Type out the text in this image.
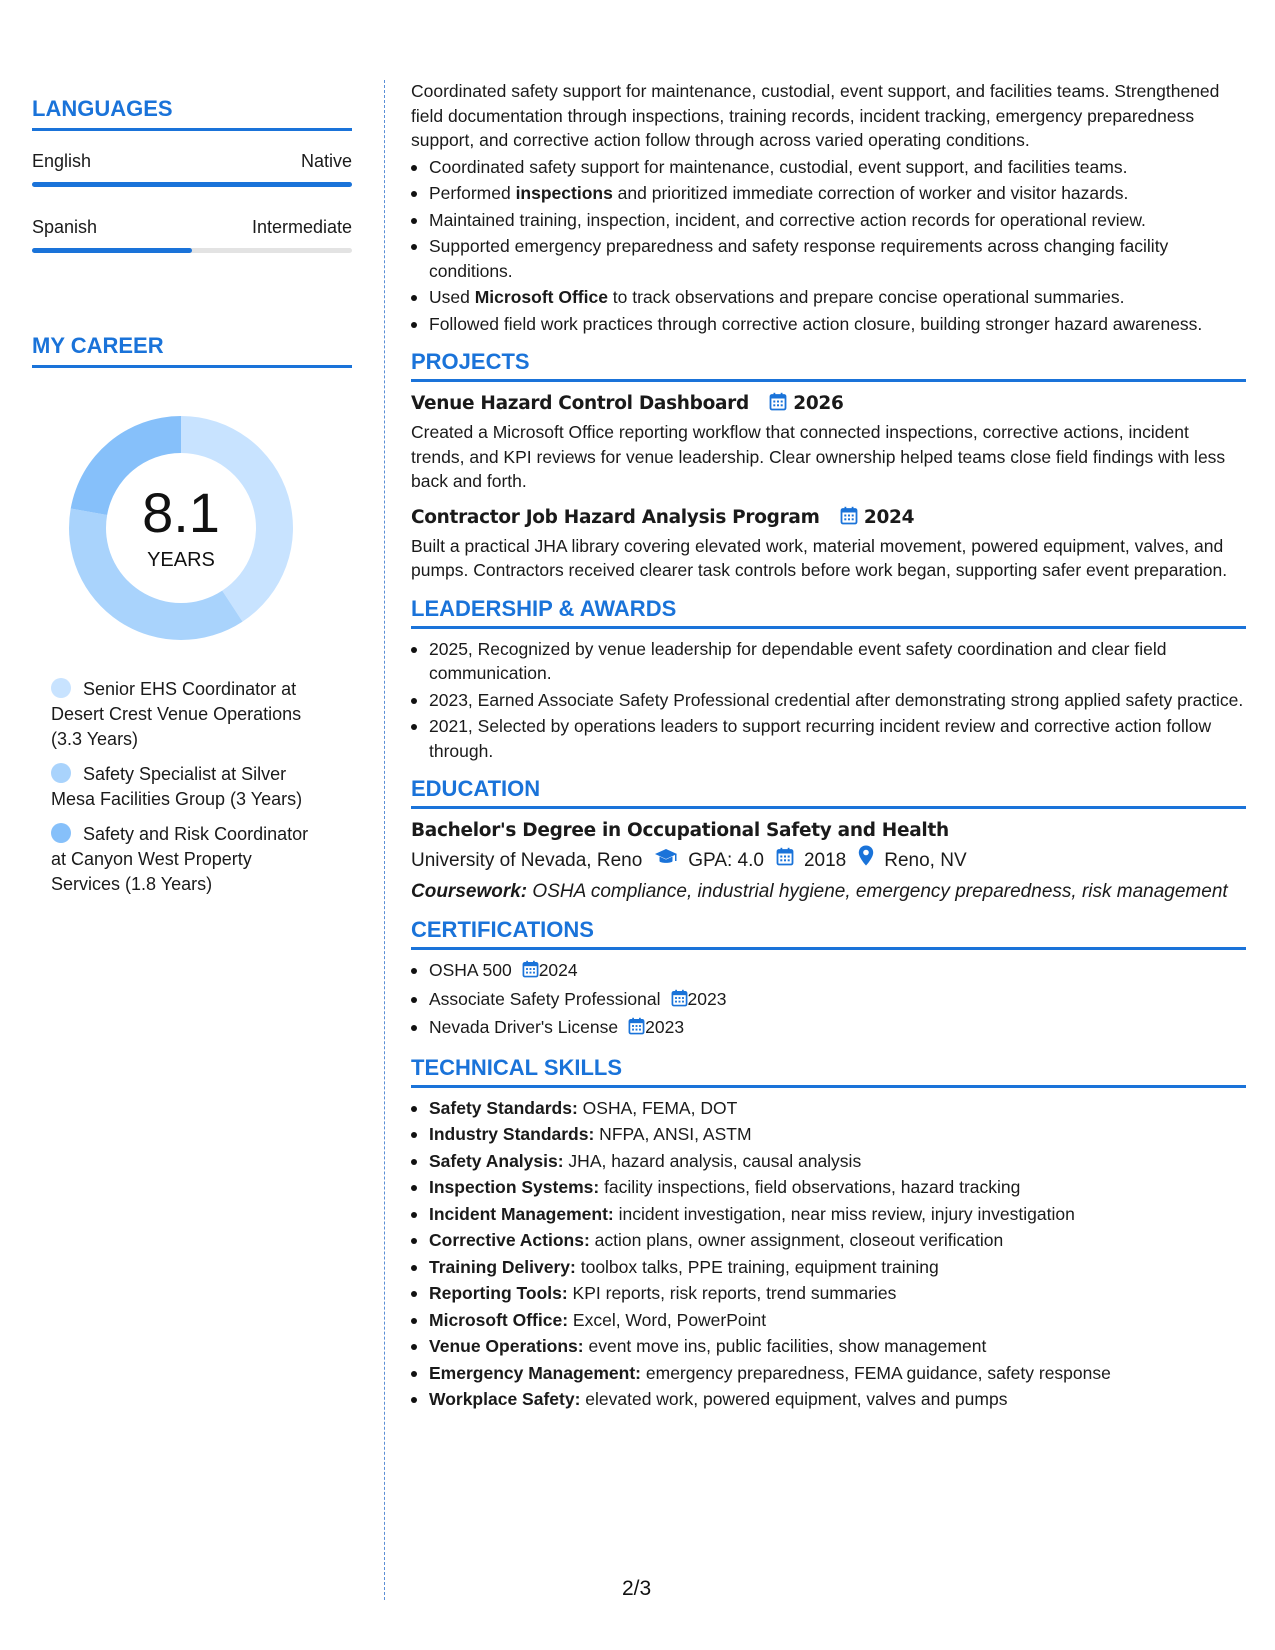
LANGUAGES
English	Native
Spanish	Intermediate
MY CAREER
8.1
YEARS
Senior EHS Coordinator at Desert Crest Venue Operations (3.3 Years)
Safety Specialist at Silver Mesa Facilities Group (3 Years)
Safety and Risk Coordinator at Canyon West Property Services (1.8 Years)

Coordinated safety support for maintenance, custodial, event support, and facilities teams. Strengthened field documentation through inspections, training records, incident tracking, emergency preparedness support, and corrective action follow through across varied operating conditions.

Coordinated safety support for maintenance, custodial, event support, and facilities teams.
Performed inspections and prioritized immediate correction of worker and visitor hazards.
Maintained training, inspection, incident, and corrective action records for operational review.
Supported emergency preparedness and safety response requirements across changing facility conditions.
Used Microsoft Office to track observations and prepare concise operational summaries.
Followed field work practices through corrective action closure, building stronger hazard awareness.
PROJECTS
Venue Hazard Control Dashboard 2026

Created a Microsoft Office reporting workflow that connected inspections, corrective actions, incident trends, and KPI reviews for venue leadership. Clear ownership helped teams close field findings with less back and forth.

Contractor Job Hazard Analysis Program 2024

Built a practical JHA library covering elevated work, material movement, powered equipment, valves, and pumps. Contractors received clearer task controls before work began, supporting safer event preparation.

LEADERSHIP & AWARDS
2025, Recognized by venue leadership for dependable event safety coordination and clear field communication.
2023, Earned Associate Safety Professional credential after demonstrating strong applied safety practice.
2021, Selected by operations leaders to support recurring incident review and corrective action follow through.
EDUCATION
Bachelor's Degree in Occupational Safety and Health
University of Nevada, Reno GPA: 4.0 2018 Reno, NV

Coursework: OSHA compliance, industrial hygiene, emergency preparedness, risk management

CERTIFICATIONS
OSHA 500 2024
Associate Safety Professional 2023
Nevada Driver's License 2023
TECHNICAL SKILLS
Safety Standards: OSHA, FEMA, DOT
Industry Standards: NFPA, ANSI, ASTM
Safety Analysis: JHA, hazard analysis, causal analysis
Inspection Systems: facility inspections, field observations, hazard tracking
Incident Management: incident investigation, near miss review, injury investigation
Corrective Actions: action plans, owner assignment, closeout verification
Training Delivery: toolbox talks, PPE training, equipment training
Reporting Tools: KPI reports, risk reports, trend summaries
Microsoft Office: Excel, Word, PowerPoint
Venue Operations: event move ins, public facilities, show management
Emergency Management: emergency preparedness, FEMA guidance, safety response
Workplace Safety: elevated work, powered equipment, valves and pumps
2/3
